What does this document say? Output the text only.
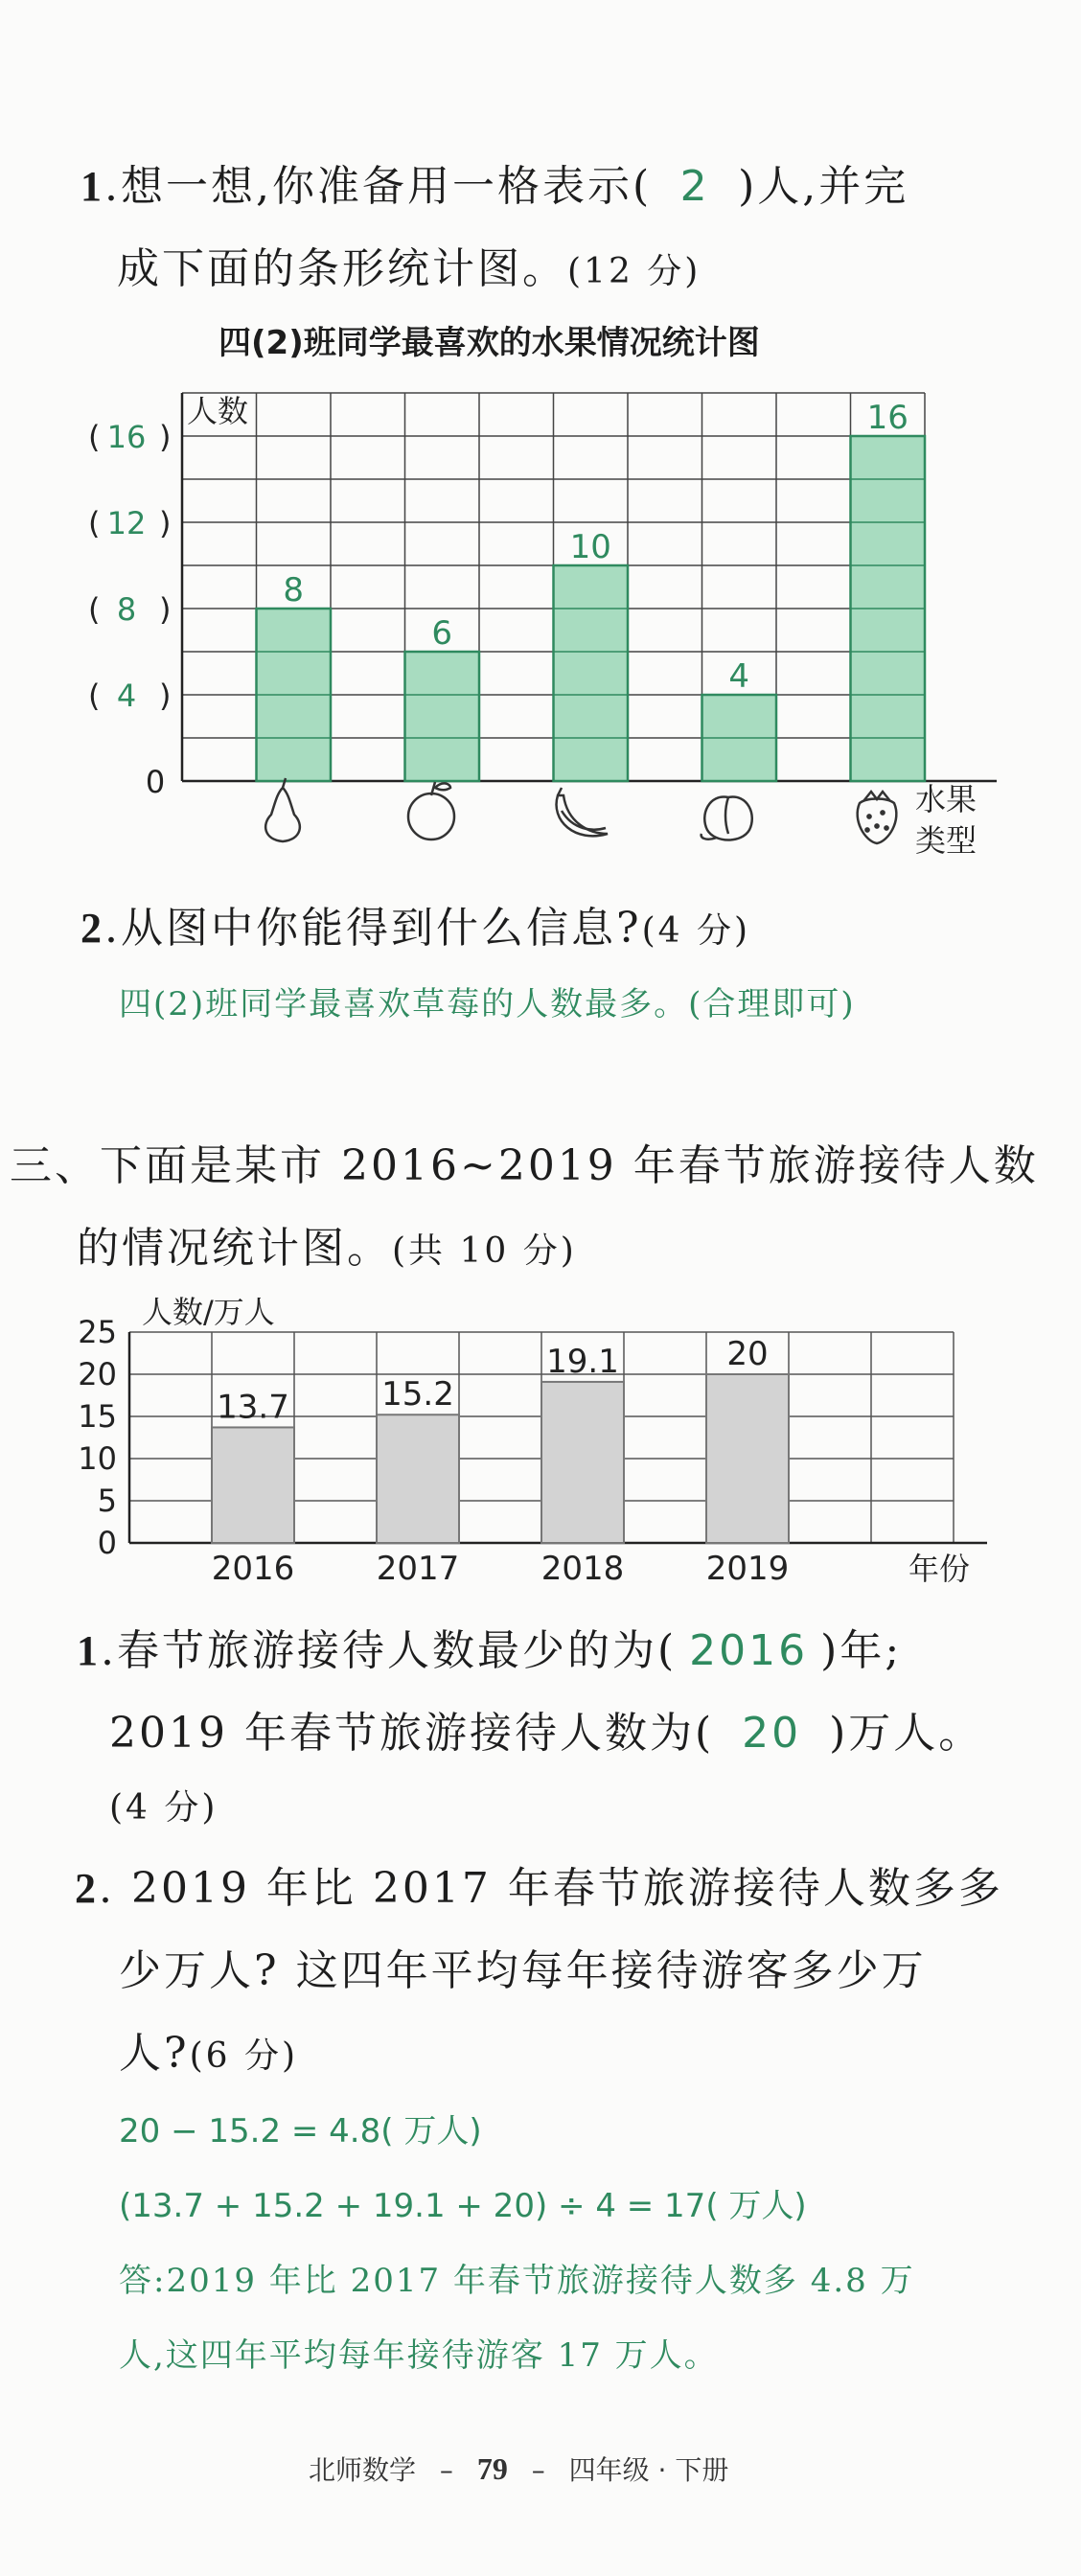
1.想一想,你准备用一格表示( 2 )人,并完
成下面的条形统计图。(12 分)
四(2)班同学最喜欢的水果情况统计图
8
6
10
4
16
0
( 4 )
( 8 )
( 12 )
( 16 )
人数
水果
类型
2.从图中你能得到什么信息?(4 分)
四(2)班同学最喜欢草莓的人数最多。(合理即可)
三、下面是某市 2016~2019 年春节旅游接待人数
的情况统计图。(共 10 分)
13.7	15.2
19.1	20
0
5
10
15
20
25
2016	2017	2018	2019
人数/万人
年份
1.春节旅游接待人数最少的为( 2016 )年;
2019 年春节旅游接待人数为( 20 )万人。
(4 分)
2. 2019 年比 2017 年春节旅游接待人数多多
少万人? 这四年平均每年接待游客多少万
人?(6 分)
20 − 15.2 = 4.8( 万人)
(13.7 + 15.2 + 19.1 + 20) ÷ 4 = 17( 万人)
答:2019 年比 2017 年春节旅游接待人数多 4.8 万
人,这四年平均每年接待游客 17 万人。
北师数学 – 79 – 四年级 · 下册
